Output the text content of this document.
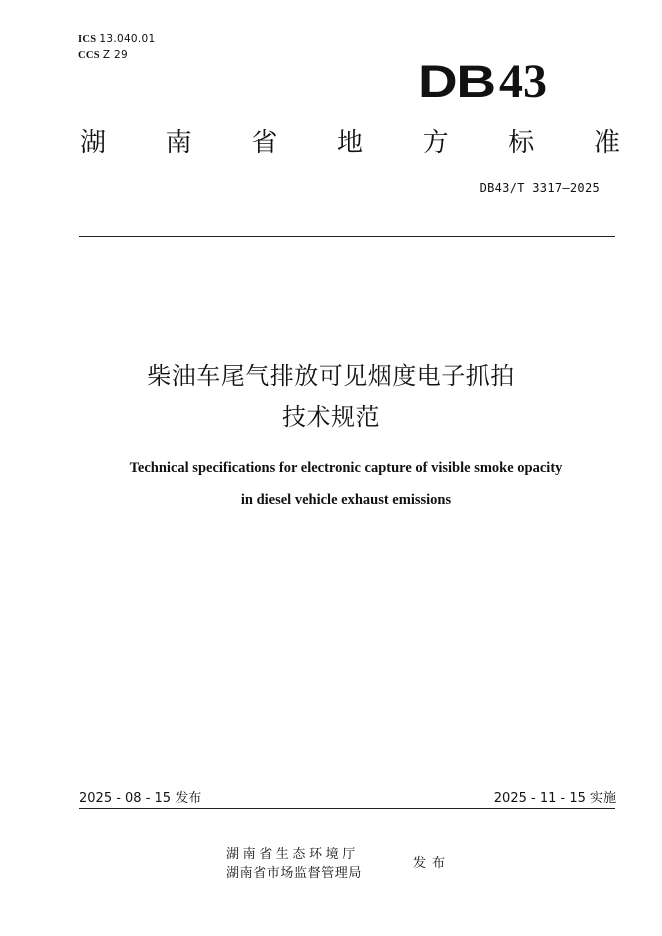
ICS 13.040.01
CCS Z 29
DB43
湖 南 省 地 方 标 准
DB43/T 3317—2025
柴油车尾气排放可见烟度电子抓拍
技术规范
Technical specifications for electronic capture of visible smoke opacity
in diesel vehicle exhaust emissions
2025 - 08 - 15 发布	2025 - 11 - 15 实施
湖南省生态环境厅
湖南省市场监督管理局
发布
